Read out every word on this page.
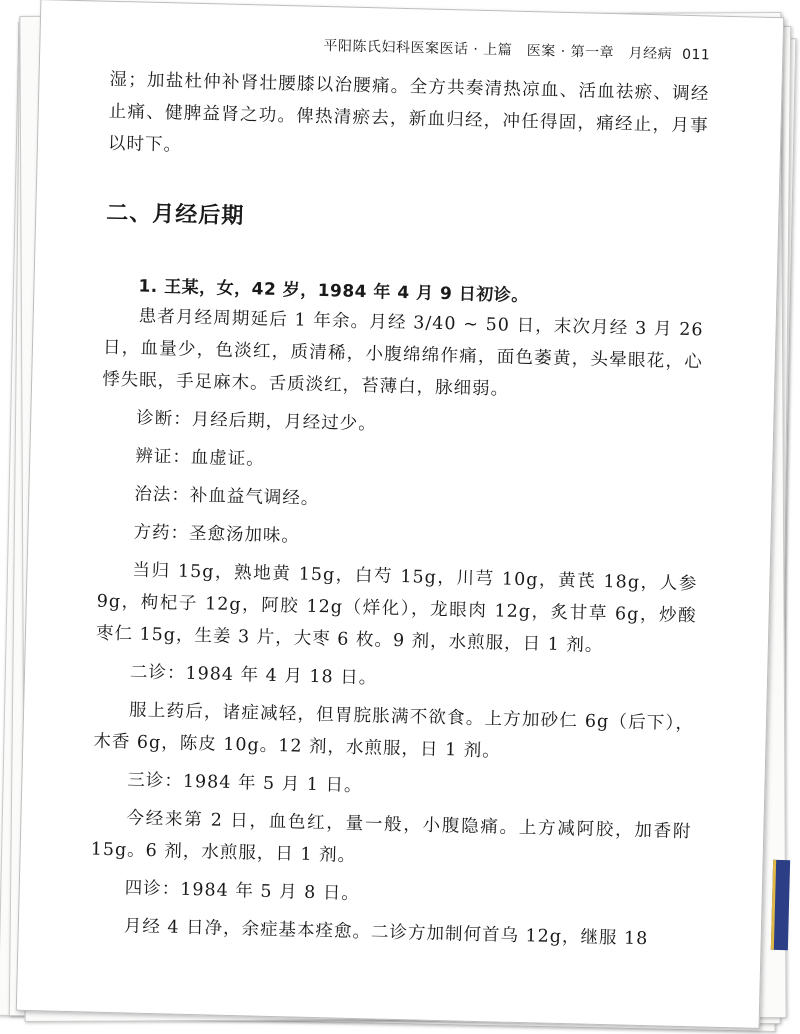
平阳陈氏妇科医案医话 · 上篇　医案 · 第一章　月经病 011

湿；加盐杜仲补肾壮腰膝以治腰痛。全方共奏清热凉血、活血祛瘀、调经止痛、健脾益肾之功。俾热清瘀去，新血归经，冲任得固，痛经止，月事以时下。

二、月经后期
1. 王某，女，42 岁，1984 年 4 月 9 日初诊。

患者月经周期延后 1 年余。月经 3/40 ~ 50 日，末次月经 3 月 26 日，血量少，色淡红，质清稀，小腹绵绵作痛，面色萎黄，头晕眼花，心悸失眠，手足麻木。舌质淡红，苔薄白，脉细弱。

诊断：月经后期，月经过少。

辨证：血虚证。

治法：补血益气调经。

方药：圣愈汤加味。

当归 15g，熟地黄 15g，白芍 15g，川芎 10g，黄芪 18g，人参 9g，枸杞子 12g，阿胶 12g（烊化），龙眼肉 12g，炙甘草 6g，炒酸枣仁 15g，生姜 3 片，大枣 6 枚。9 剂，水煎服，日 1 剂。

二诊：1984 年 4 月 18 日。

服上药后，诸症减轻，但胃脘胀满不欲食。上方加砂仁 6g（后下），木香 6g，陈皮 10g。12 剂，水煎服，日 1 剂。

三诊：1984 年 5 月 1 日。

今经来第 2 日，血色红，量一般，小腹隐痛。上方减阿胶，加香附 15g。6 剂，水煎服，日 1 剂。

四诊：1984 年 5 月 8 日。

月经 4 日净，余症基本痊愈。二诊方加制何首乌 12g，继服 18
